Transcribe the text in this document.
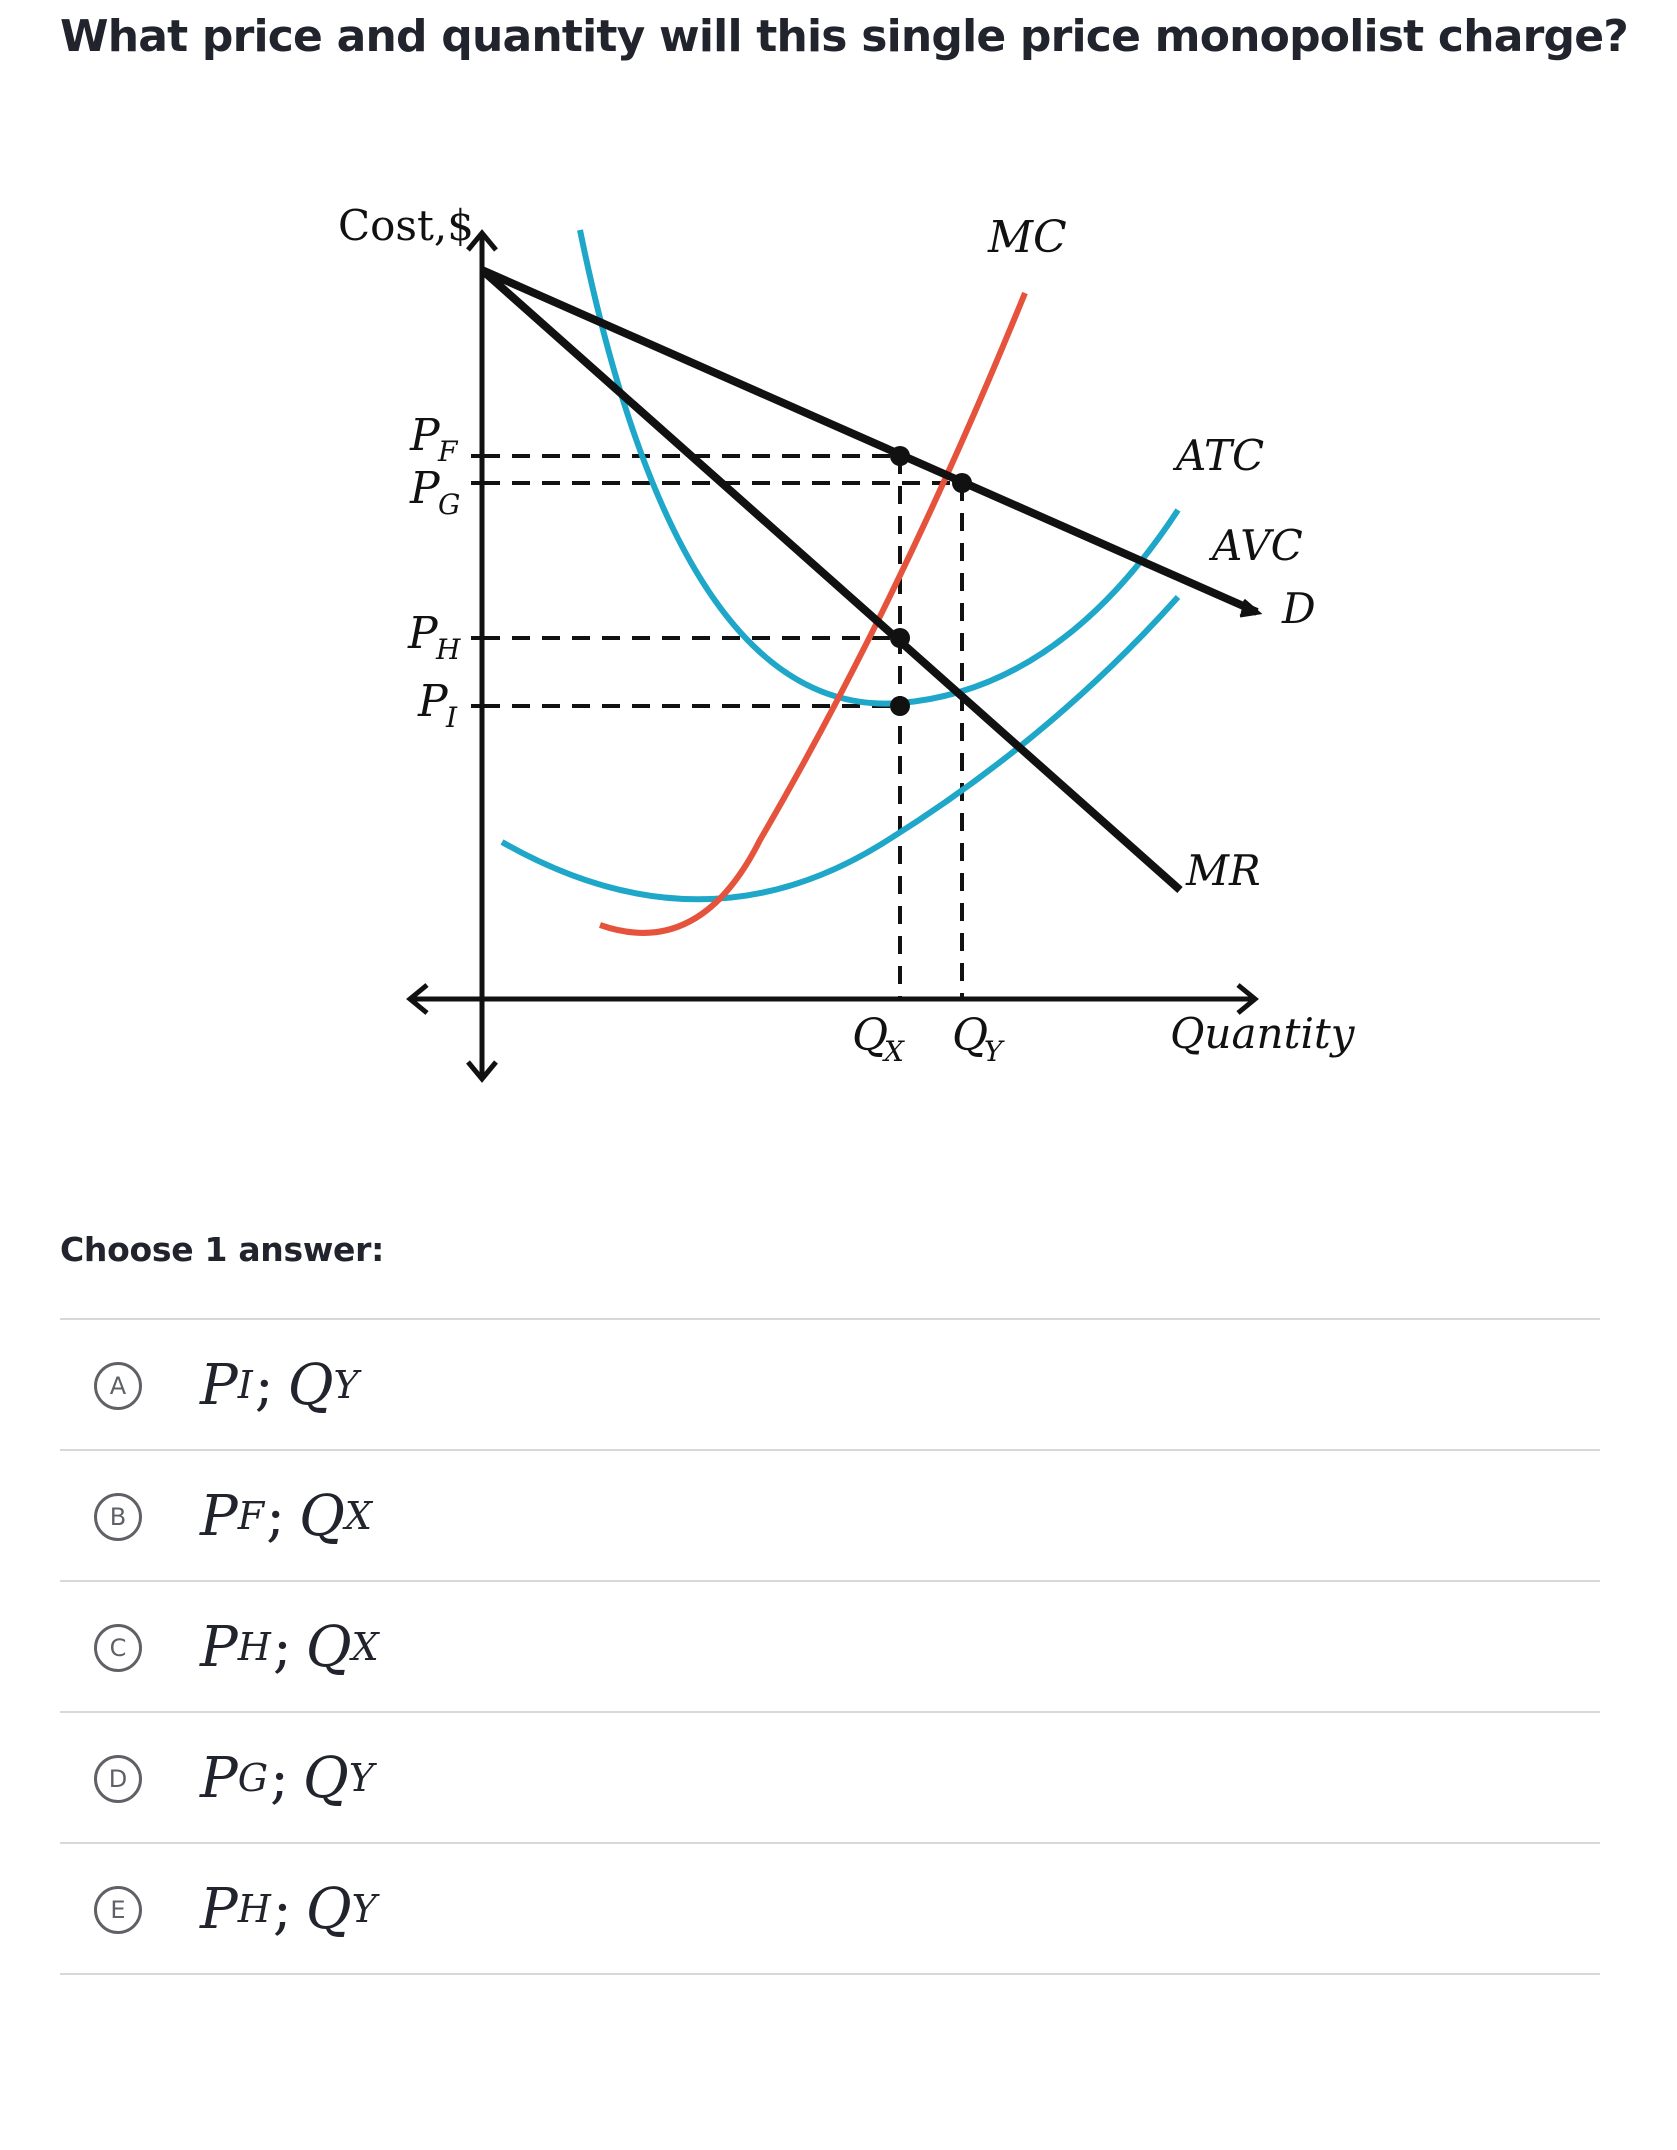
What price and quantity will this single price monopolist charge?
Cost,$
Quantity
MC
ATC
AVC
D
MR
P
F
P
G
P
H
P
I
Q
X Q
Y

Choose 1 answer:

A P I ; Q Y
B P F ; Q X
C P H ; Q X
D P G ; Q Y
E P H ; Q Y
